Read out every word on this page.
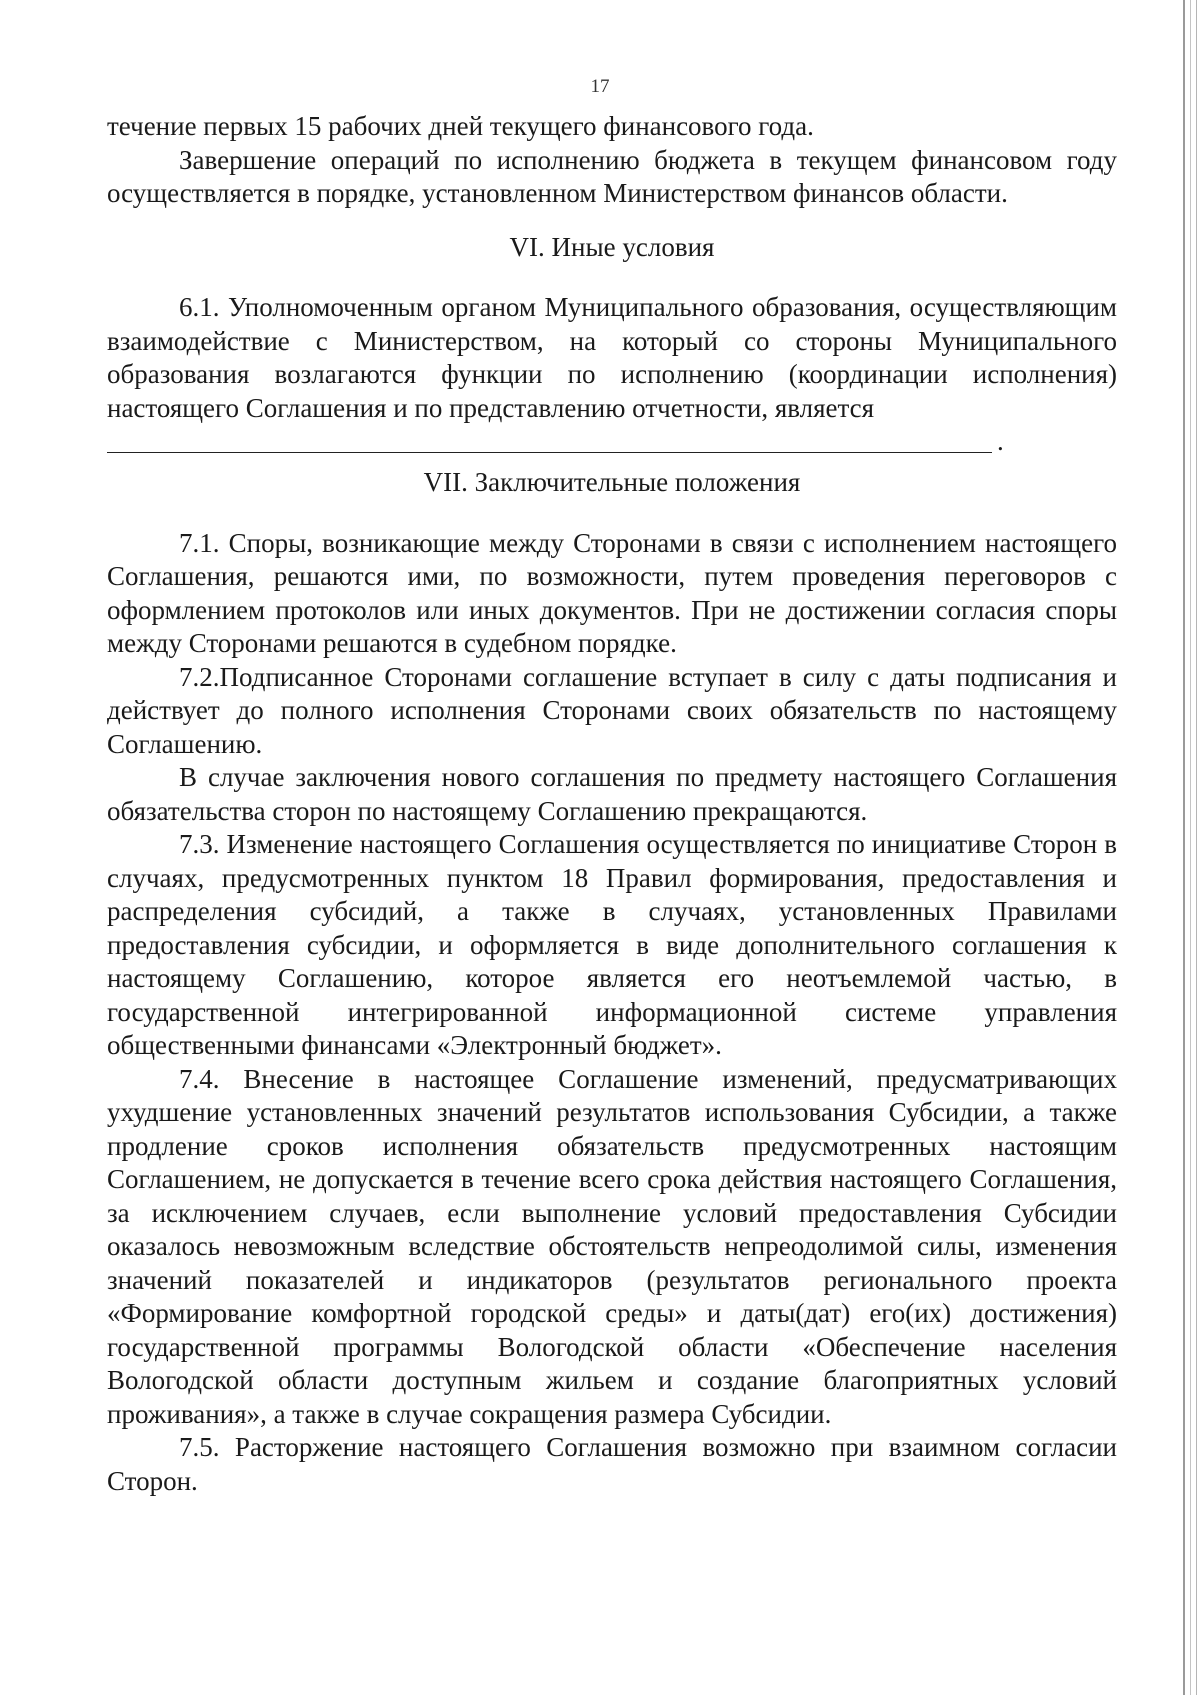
17

течение первых 15 рабочих дней текущего финансового года.

Завершение операций по исполнению бюджета в текущем финансовом году осуществляется в порядке, установленном Министерством финансов области.

VI. Иные условия

6.1. Уполномоченным органом Муниципального образования, осуществляющим взаимодействие с Министерством, на который со стороны Муниципального образования возлагаются функции по исполнению (координации исполнения) настоящего Соглашения и по представлению отчетности, является

.

VII. Заключительные положения

7.1. Споры, возникающие между Сторонами в связи с исполнением настоящего Соглашения, решаются ими, по возможности, путем проведения переговоров с оформлением протоколов или иных документов. При не достижении согласия споры между Сторонами решаются в судебном порядке.

7.2.Подписанное Сторонами соглашение вступает в силу с даты подписания и действует до полного исполнения Сторонами своих обязательств по настоящему Соглашению.

В случае заключения нового соглашения по предмету настоящего Соглашения обязательства сторон по настоящему Соглашению прекращаются.

7.3. Изменение настоящего Соглашения осуществляется по инициативе Сторон в случаях, предусмотренных пунктом 18 Правил формирования, предоставления и распределения субсидий, а также в случаях, установленных Правилами предоставления субсидии, и оформляется в виде дополнительного соглашения к настоящему Соглашению, которое является его неотъемлемой частью, в государственной интегрированной информационной системе управления общественными финансами «Электронный бюджет».

7.4. Внесение в настоящее Соглашение изменений, предусматривающих ухудшение установленных значений результатов использования Субсидии, а также продление сроков исполнения обязательств предусмотренных настоящим Соглашением, не допускается в течение всего срока действия настоящего Соглашения, за исключением случаев, если выполнение условий предоставления Субсидии оказалось невозможным вследствие обстоятельств непреодолимой силы, изменения значений показателей и индикаторов (результатов регионального проекта «Формирование комфортной городской среды» и даты(дат) его(их) достижения) государственной программы Вологодской области «Обеспечение населения Вологодской области доступным жильем и создание благоприятных условий проживания», а также в случае сокращения размера Субсидии.

7.5. Расторжение настоящего Соглашения возможно при взаимном согласии Сторон.
